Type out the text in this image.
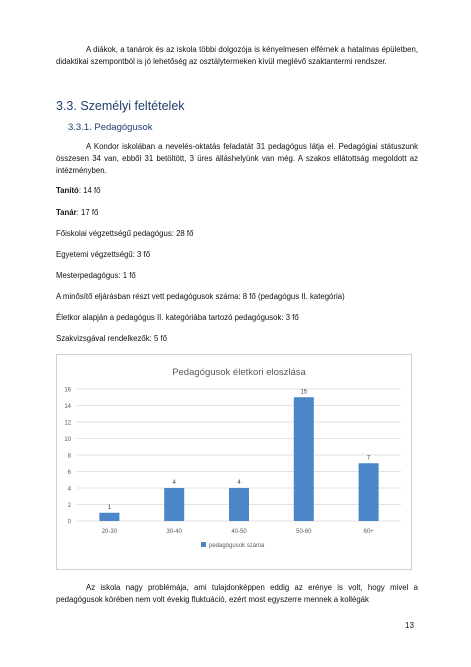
A diákok, a tanárok és az iskola többi dolgozója is kényelmesen elférnek a hatalmas épületben, didaktikai szempontból is jó lehetőség az osztálytermeken kívül meglévő szaktantermi rendszer.

3.3. Személyi feltételek
3.3.1. Pedagógusok

A Kondor iskolában a nevelés-oktatás feladatát 31 pedagógus látja el. Pedagógiai státuszunk összesen 34 van, ebből 31 betöltött, 3 üres álláshelyünk van még. A szakos ellátottság megoldott az intézményben.

Tanító: 14 fő
Tanár: 17 fő
Főiskolai végzettségű pedagógus: 28 fő
Egyetemi végzettségű: 3 fő
Mesterpedagógus: 1 fő
A minősítő eljárásban részt vett pedagógusok száma: 8 fő (pedagógus II. kategória)
Életkor alapján a pedagógus II. kategóriába tartozó pedagógusok: 3 fő
Szakvizsgával rendelkezők: 5 fő
Pedagógusok életkori eloszlása
0
2
4
6
8
10
12
14
16
1
20-30
4
30-40
4
40-50
15
50-60
7
60+
pedagógusok száma

Az iskola nagy problémája, ami tulajdonképpen eddig az erénye is volt, hogy mivel a pedagógusok körében nem volt évekig fluktuáció, ezért most egyszerre mennek a kollégák

13
